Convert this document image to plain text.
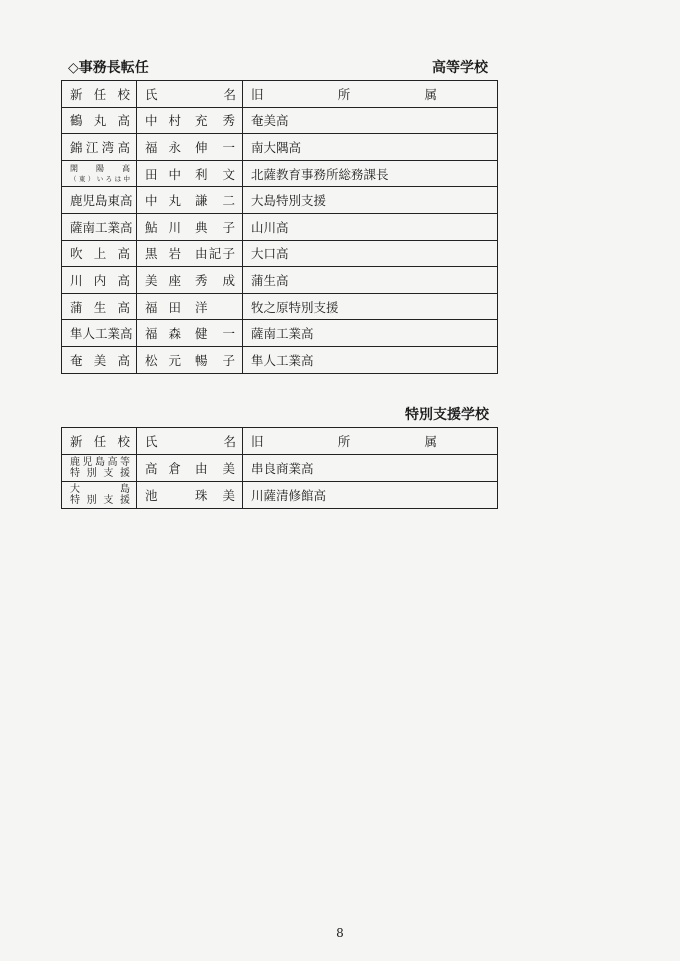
◇事務長転任	高等学校
新任校	氏名	旧所属
鶴丸高	中村 充秀	奄美高
錦江湾高	福永 伸一	南大隅高

開陽高
（東）いろは中	田中 利文	北薩教育事務所総務課長
鹿児島東高	中丸 謙二	大島特別支援
薩南工業高	鮎川 典子	山川高
吹上高	黒岩 由記子	大口高
川内高	美座 秀成	蒲生高
蒲生高	福田 洋	牧之原特別支援
隼人工業高	福森 健一	薩南工業高
奄美高	松元 暢子	隼人工業高
特別支援学校
新任校	氏名	旧所属

鹿児島高等
特別支援	高倉 由美	串良商業高

大島
特別支援	池 珠美	川薩清修館高
8
